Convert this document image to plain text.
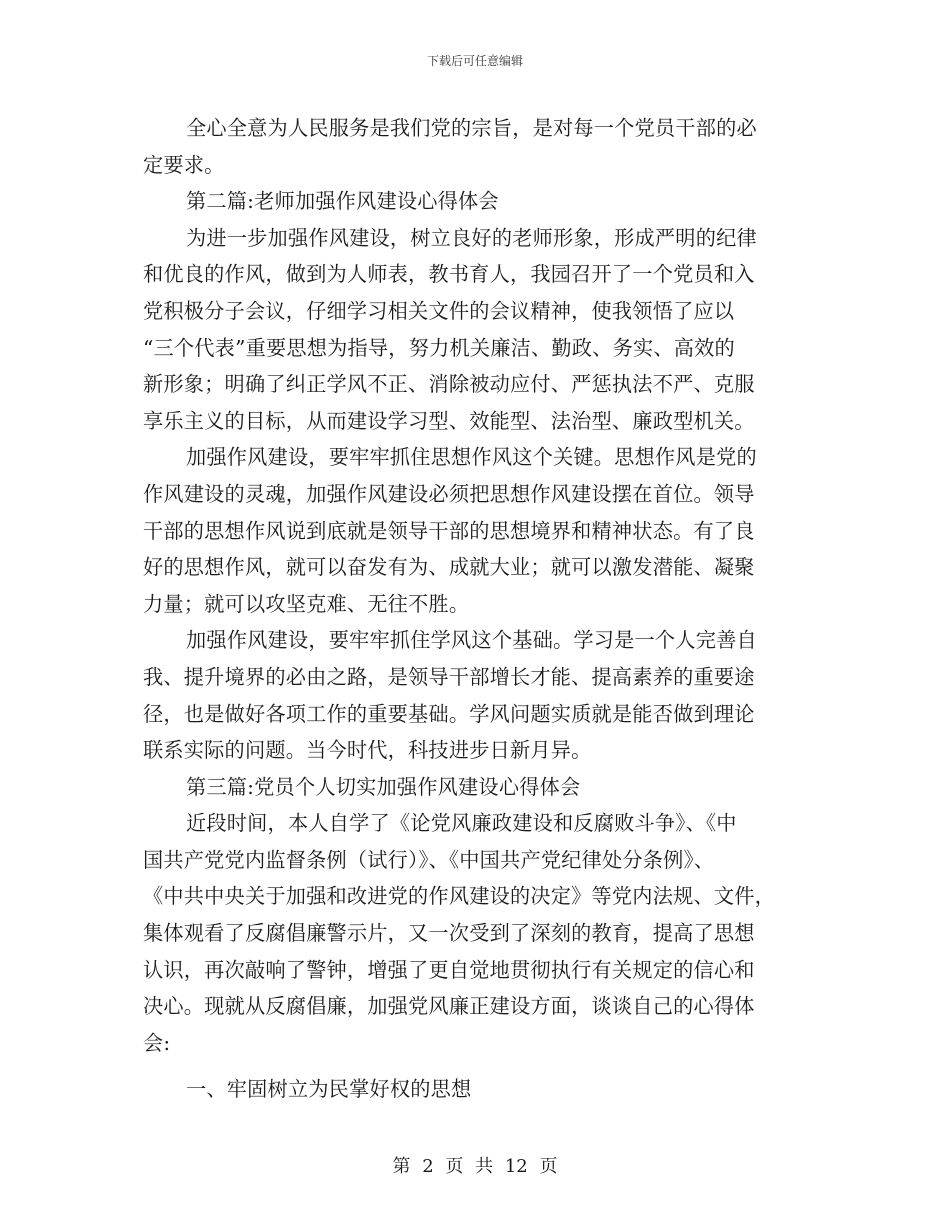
下载后可任意编辑
全心全意为人民服务是我们党的宗旨，是对每一个党员干部的必
定要求。
第二篇:老师加强作风建设心得体会
为进一步加强作风建设，树立良好的老师形象，形成严明的纪律
和优良的作风，做到为人师表，教书育人，我园召开了一个党员和入
党积极分子会议，仔细学习相关文件的会议精神，使我领悟了应以
“三个代表”重要思想为指导，努力机关廉洁、勤政、务实、高效的
新形象；明确了纠正学风不正、消除被动应付、严惩执法不严、克服
享乐主义的目标，从而建设学习型、效能型、法治型、廉政型机关。
加强作风建设，要牢牢抓住思想作风这个关键。思想作风是党的
作风建设的灵魂，加强作风建设必须把思想作风建设摆在首位。领导
干部的思想作风说到底就是领导干部的思想境界和精神状态。有了良
好的思想作风，就可以奋发有为、成就大业；就可以激发潜能、凝聚
力量；就可以攻坚克难、无往不胜。
加强作风建设，要牢牢抓住学风这个基础。学习是一个人完善自
我、提升境界的必由之路，是领导干部增长才能、提高素养的重要途
径，也是做好各项工作的重要基础。学风问题实质就是能否做到理论
联系实际的问题。当今时代，科技进步日新月异。
第三篇:党员个人切实加强作风建设心得体会
近段时间，本人自学了《论党风廉政建设和反腐败斗争》、《中
国共产党党内监督条例（试行）》、《中国共产党纪律处分条例》、
《中共中央关于加强和改进党的作风建设的决定》等党内法规、文件，
集体观看了反腐倡廉警示片，又一次受到了深刻的教育，提高了思想
认识，再次敲响了警钟，增强了更自觉地贯彻执行有关规定的信心和
决心。现就从反腐倡廉，加强党风廉正建设方面，谈谈自己的心得体
会:
一、牢固树立为民掌好权的思想
第 2 页 共 12 页
